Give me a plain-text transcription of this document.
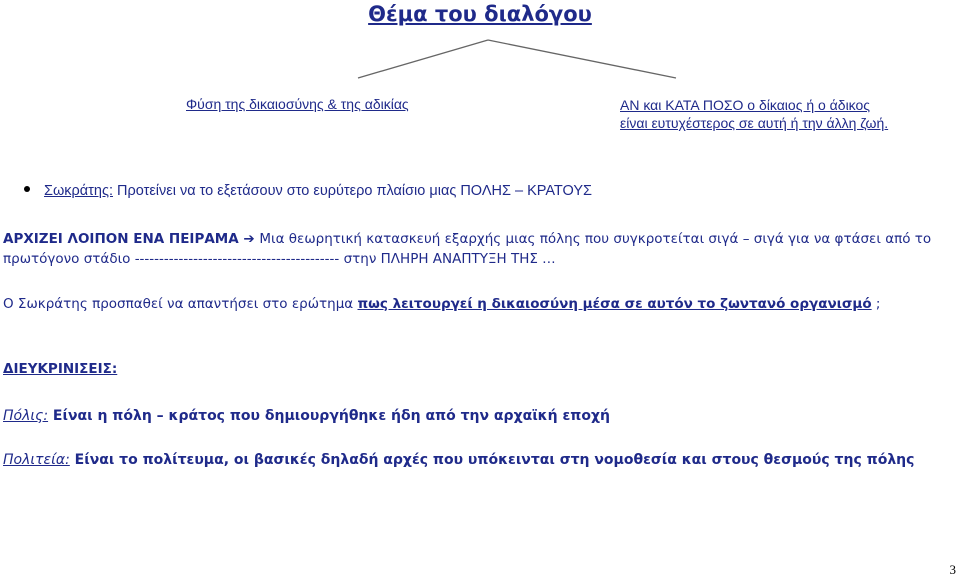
Θέμα του διαλόγου
Φύση της δικαιοσύνης & της αδικίας	ΑΝ και ΚΑΤΑ ΠΟΣΟ ο δίκαιος ή ο άδικος
είναι ευτυχέστερος σε αυτή ή την άλλη ζωή.
Σωκράτης: Προτείνει να το εξετάσουν στο ευρύτερο πλαίσιο μιας ΠΟΛΗΣ – ΚΡΑΤΟΥΣ
ΑΡΧΙΖΕΙ ΛΟΙΠΟΝ ΕΝΑ ΠΕΙΡΑΜΑ ➔ Μια θεωρητική κατασκευή εξαρχής μιας πόλης που συγκροτείται σιγά – σιγά για να φτάσει από το πρωτόγονο στάδιο ------------------------------------------ στην ΠΛΗΡΗ ΑΝΑΠΤΥΞΗ ΤΗΣ …
Ο Σωκράτης προσπαθεί να απαντήσει στο ερώτημα πως λειτουργεί η δικαιοσύνη μέσα σε αυτόν το ζωντανό οργανισμό ;
ΔΙΕΥΚΡΙΝΙΣΕΙΣ:
Πόλις: Είναι η πόλη – κράτος που δημιουργήθηκε ήδη από την αρχαϊκή εποχή
Πολιτεία: Είναι το πολίτευμα, οι βασικές δηλαδή αρχές που υπόκεινται στη νομοθεσία και στους θεσμούς της πόλης
3
